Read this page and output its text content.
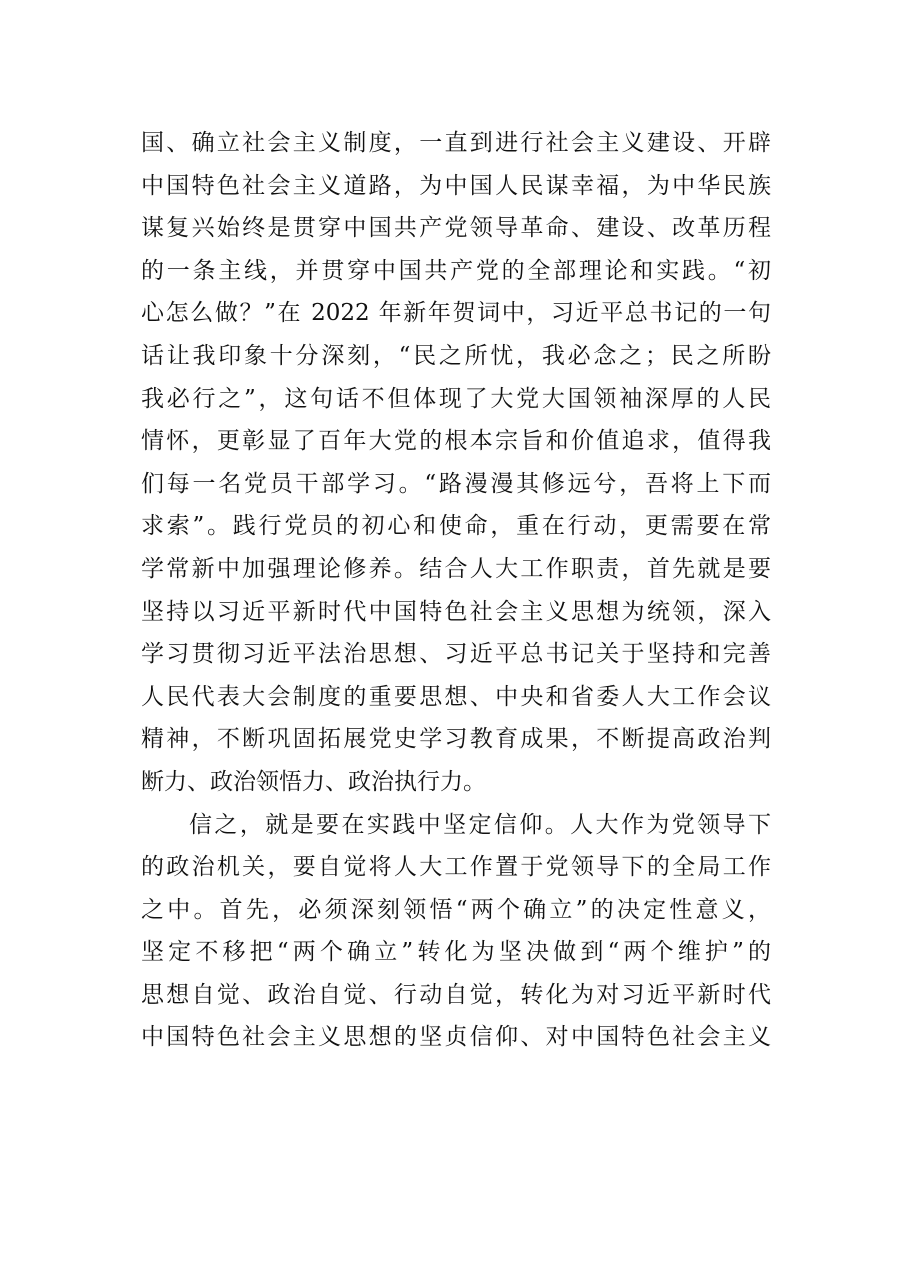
国、确立社会主义制度，一直到进行社会主义建设、开辟
中国特色社会主义道路，为中国人民谋幸福，为中华民族
谋复兴始终是贯穿中国共产党领导革命、建设、改革历程
的一条主线，并贯穿中国共产党的全部理论和实践。“初
心怎么做？”在 2022 年新年贺词中，习近平总书记的一句
话让我印象十分深刻，“民之所忧，我必念之；民之所盼
我必行之”，这句话不但体现了大党大国领袖深厚的人民
情怀，更彰显了百年大党的根本宗旨和价值追求，值得我
们每一名党员干部学习。“路漫漫其修远兮，吾将上下而
求索”。践行党员的初心和使命，重在行动，更需要在常
学常新中加强理论修养。结合人大工作职责，首先就是要
坚持以习近平新时代中国特色社会主义思想为统领，深入
学习贯彻习近平法治思想、习近平总书记关于坚持和完善
人民代表大会制度的重要思想、中央和省委人大工作会议
精神，不断巩固拓展党史学习教育成果，不断提高政治判
断力、政治领悟力、政治执行力。
信之，就是要在实践中坚定信仰。人大作为党领导下
的政治机关，要自觉将人大工作置于党领导下的全局工作
之中。首先，必须深刻领悟“两个确立”的决定性意义，
坚定不移把“两个确立”转化为坚决做到“两个维护”的
思想自觉、政治自觉、行动自觉，转化为对习近平新时代
中国特色社会主义思想的坚贞信仰、对中国特色社会主义
